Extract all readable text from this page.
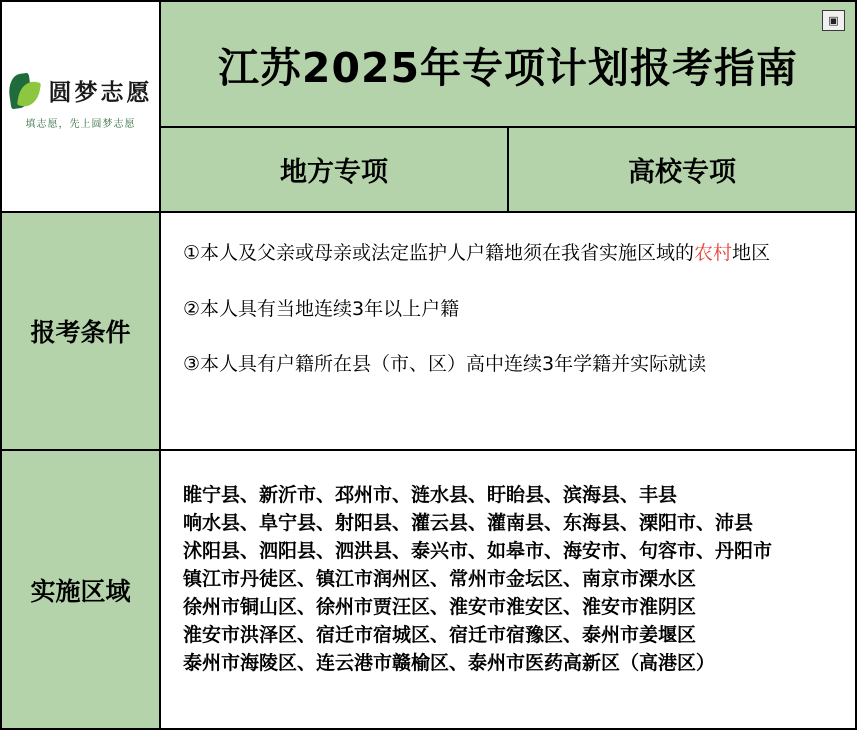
▣
圆梦志愿
填志愿，先上圆梦志愿
江苏2025年专项计划报考指南
地方专项	高校专项
报考条件
①本人及父亲或母亲或法定监护人户籍地须在我省实施区域的农村地区
②本人具有当地连续3年以上户籍
③本人具有户籍所在县（市、区）高中连续3年学籍并实际就读
实施区域
睢宁县、新沂市、邳州市、涟水县、盱眙县、滨海县、丰县
响水县、阜宁县、射阳县、灌云县、灌南县、东海县、溧阳市、沛县
沭阳县、泗阳县、泗洪县、泰兴市、如皋市、海安市、句容市、丹阳市
镇江市丹徒区、镇江市润州区、常州市金坛区、南京市溧水区
徐州市铜山区、徐州市贾汪区、淮安市淮安区、淮安市淮阴区
淮安市洪泽区、宿迁市宿城区、宿迁市宿豫区、泰州市姜堰区
泰州市海陵区、连云港市赣榆区、泰州市医药高新区（高港区）
